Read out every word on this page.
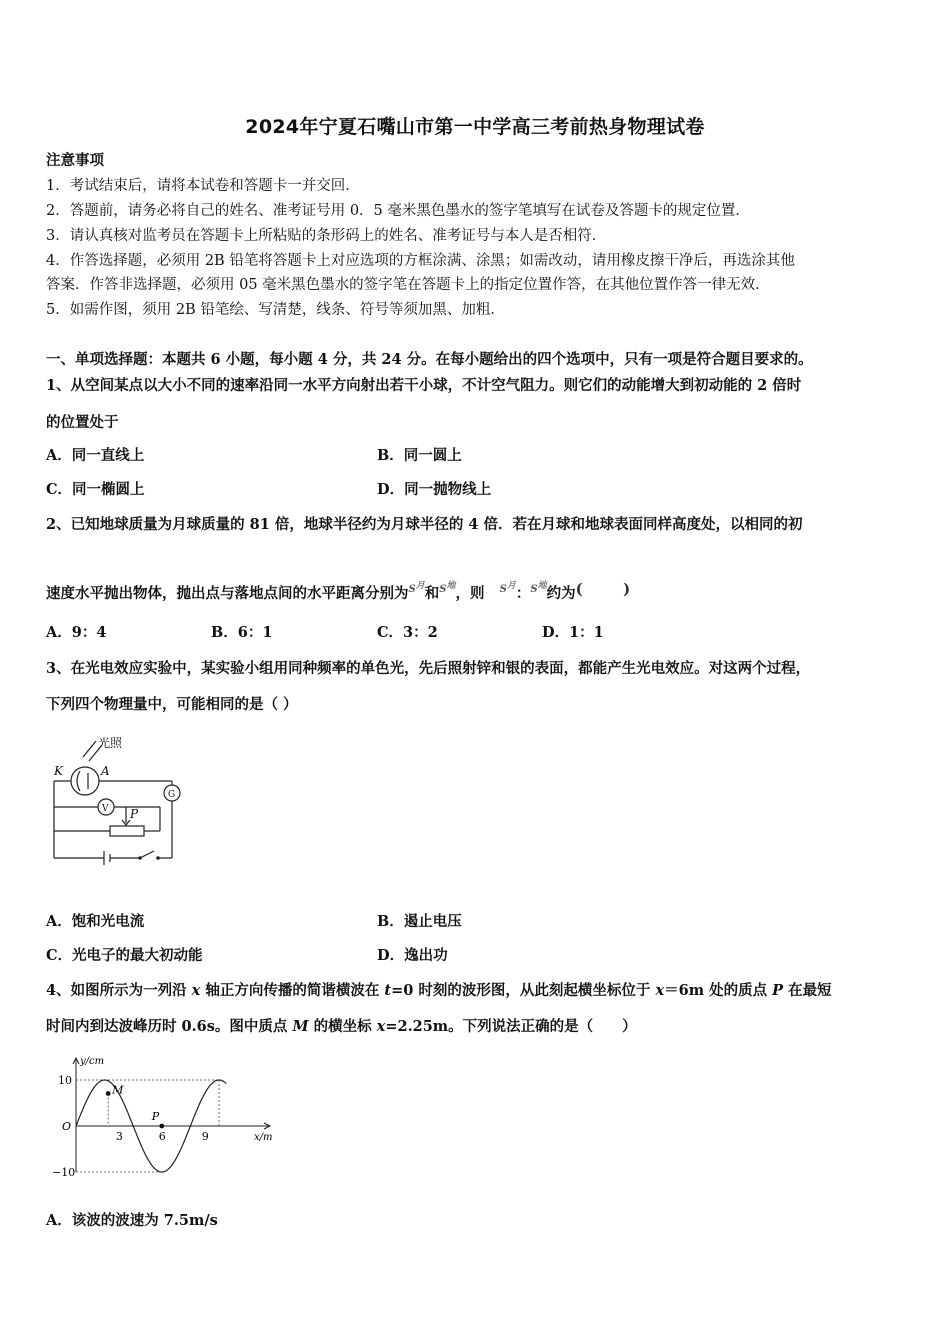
2024年宁夏石嘴山市第一中学高三考前热身物理试卷
注意事项
1．考试结束后，请将本试卷和答题卡一并交回．
2．答题前，请务必将自己的姓名、准考证号用 0．5 毫米黑色墨水的签字笔填写在试卷及答题卡的规定位置．
3．请认真核对监考员在答题卡上所粘贴的条形码上的姓名、准考证号与本人是否相符．
4．作答选择题，必须用 2B 铅笔将答题卡上对应选项的方框涂满、涂黑；如需改动，请用橡皮擦干净后，再选涂其他
答案．作答非选择题，必须用 05 毫米黑色墨水的签字笔在答题卡上的指定位置作答，在其他位置作答一律无效．
5．如需作图，须用 2B 铅笔绘、写清楚，线条、符号等须加黑、加粗．
一、单项选择题：本题共 6 小题，每小题 4 分，共 24 分。在每小题给出的四个选项中，只有一项是符合题目要求的。
1、从空间某点以大小不同的速率沿同一水平方向射出若干小球，不计空气阻力。则它们的动能增大到初动能的 2 倍时
的位置处于
A．同一直线上	B．同一圆上
C．同一椭圆上	D．同一抛物线上
2、已知地球质量为月球质量的 81 倍，地球半径约为月球半径的 4 倍．若在月球和地球表面同样高度处，以相同的初
速度水平抛出物体，抛出点与落地点间的水平距离分别为$^{S月}$和$^{S地}$，则 $^{S月}$：$^{S地}$约为(	)
A．9：4	B．6：1	C．3：2	D．1：1
3、在光电效应实验中，某实验小组用同种频率的单色光，先后照射锌和银的表面，都能产生光电效应。对这两个过程，
下列四个物理量中，可能相同的是（ ）
光照
K	A
V
G
P
A．饱和光电流	B．遏止电压
C．光电子的最大初动能	D．逸出功
4、如图所示为一列沿 x 轴正方向传播的简谐横波在 t=0 时刻的波形图，从此刻起横坐标位于 x＝6m 处的质点 P 在最短
时间内到达波峰历时 0.6s。图中质点 M 的横坐标 x=2.25m。下列说法正确的是（　　）
3	6	9
10
−10
M
P
y/cm
x/m
O
A．该波的波速为 7.5m/s
